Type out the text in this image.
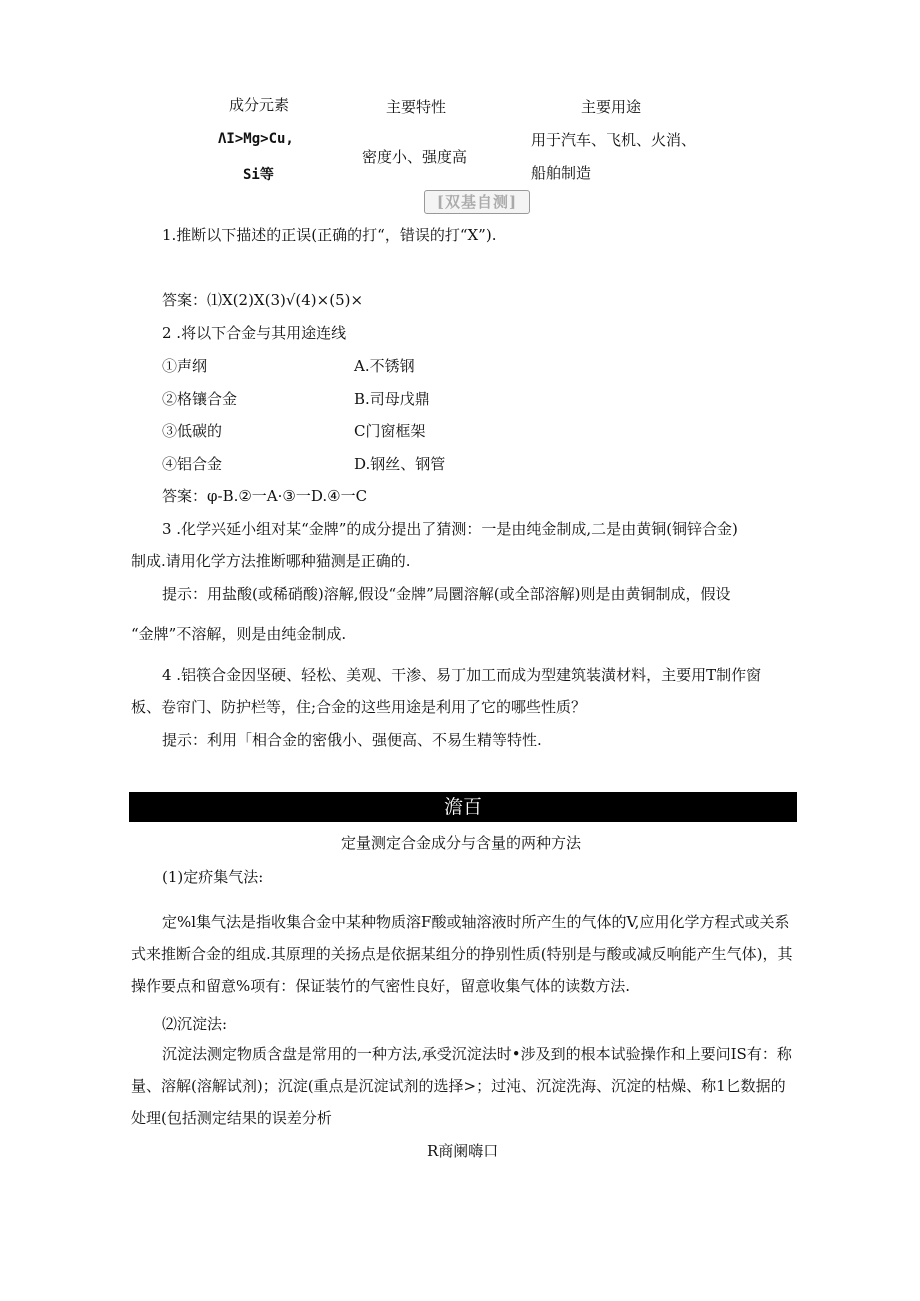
成分元素	主要特性	主要用途
ΛI>Mg>Cu,
Si等
密度小、强度高
用于汽车、飞机、火消、
船舶制造
[双基自测]
1.推断以下描述的正误(正确的打“，错误的打“X”).
答案：⑴X(2)X(3)√(4)×(5)×
2 .将以下合金与其用途连线
①声纲
②格镶合金
③低碳的
④铝合金
A.不锈钢
B.司母戊鼎
C门窗框架
D.钢丝、钢管
答案：φ-B.②一A·③一D.④一C
3 .化学兴延小组对某“金牌”的成分提出了猜测：一是由纯金制成,二是由黄铜(铜锌合金)
制成.请用化学方法推断哪种猫测是正确的.
提示：用盐酸(或稀硝酸)溶解,假设“金牌”局圜溶解(或全部溶解)则是由黄铜制成，假设
“金牌”不溶解，则是由纯金制成.
4 .铝筷合金因坚硬、轻松、美观、干渗、易丁加工而成为型建筑装潢材料，主要用T制作窗
板、卷帘门、防护栏等，住;合金的这些用途是利用了它的哪些性质？
提示：利用「相合金的密俄小、强便高、不易生精等特性.
澹百
定量测定合金成分与含量的两种方法
(1)定疥集气法:
定%l集气法是指收集合金中某种物质溶F酸或轴溶液时所产生的气体的V,应用化学方程式或关系式来推断合金的组成.其原理的关扬点是依据某组分的挣别性质(特别是与酸或减反响能产生气体)，其操作要点和留意%项有：保证装竹的气密性良好，留意收集气体的读数方法.
⑵沉淀法:
沉淀法测定物质含盘是常用的一种方法,承受沉淀法时•涉及到的根本试验操作和上要问IS有：称量、溶解(溶解试剂)；沉淀(重点是沉淀试剂的选择>；过沌、沉淀洗海、沉淀的枯燥、称1匕数据的处理(包括测定结果的误差分析
R商阑嗨口
